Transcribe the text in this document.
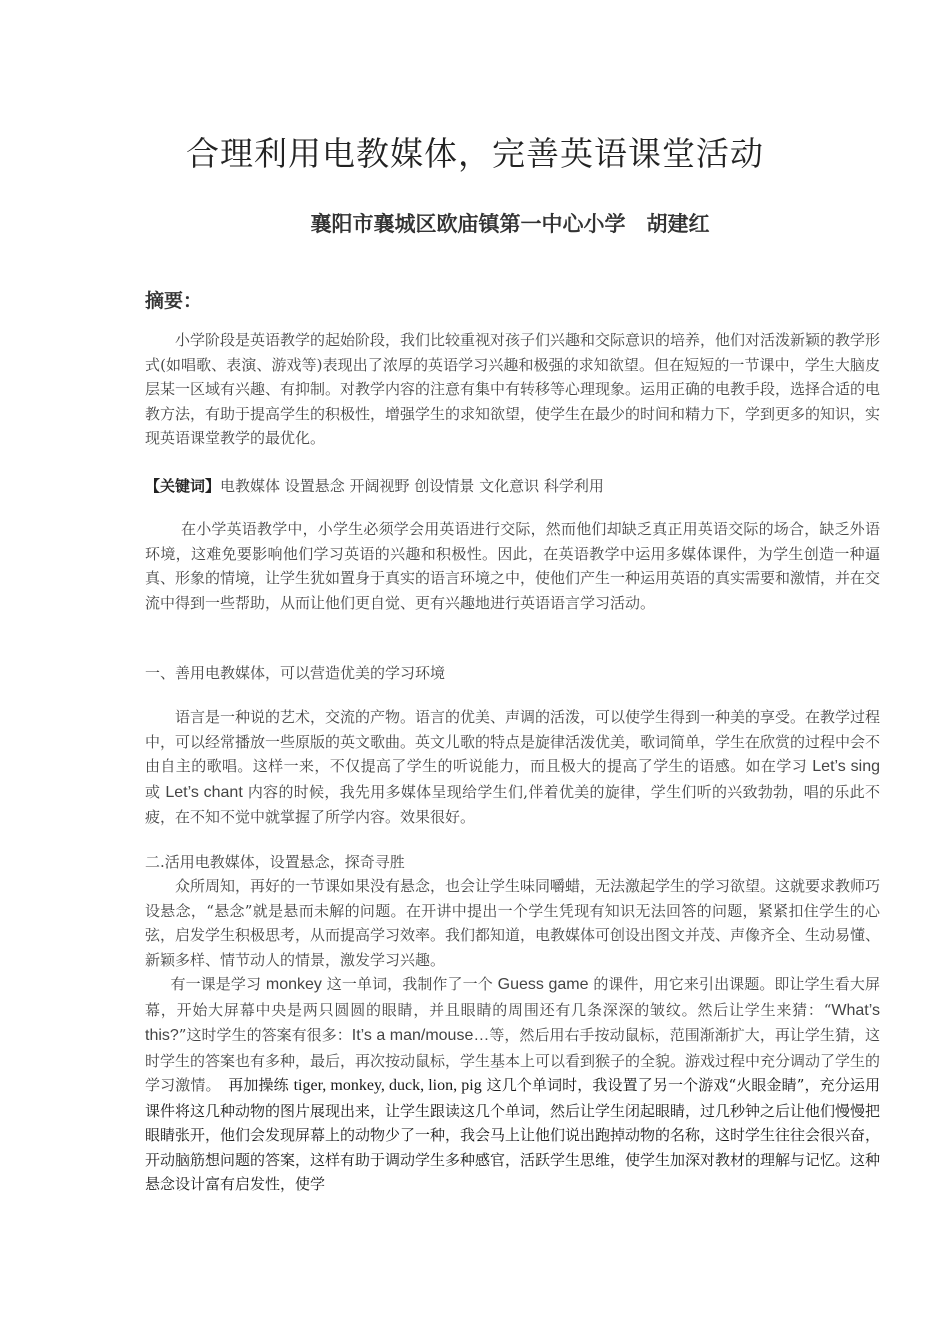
合理利用电教媒体，完善英语课堂活动
襄阳市襄城区欧庙镇第一中心小学　胡建红
摘要：

小学阶段是英语教学的起始阶段，我们比较重视对孩子们兴趣和交际意识的培养，他们对活泼新颖的教学形式(如唱歌、表演、游戏等)表现出了浓厚的英语学习兴趣和极强的求知欲望。但在短短的一节课中，学生大脑皮层某一区域有兴趣、有抑制。对教学内容的注意有集中有转移等心理现象。运用正确的电教手段，选择合适的电教方法，有助于提高学生的积极性，增强学生的求知欲望，使学生在最少的时间和精力下，学到更多的知识，实现英语课堂教学的最优化。

【关键词】电教媒体 设置悬念 开阔视野 创设情景 文化意识 科学利用

在小学英语教学中，小学生必须学会用英语进行交际，然而他们却缺乏真正用英语交际的场合，缺乏外语环境，这难免要影响他们学习英语的兴趣和积极性。因此，在英语教学中运用多媒体课件，为学生创造一种逼真、形象的情境，让学生犹如置身于真实的语言环境之中，使他们产生一种运用英语的真实需要和激情，并在交流中得到一些帮助，从而让他们更自觉、更有兴趣地进行英语语言学习活动。

一、善用电教媒体，可以营造优美的学习环境

语言是一种说的艺术，交流的产物。语言的优美、声调的活泼，可以使学生得到一种美的享受。在教学过程中，可以经常播放一些原版的英文歌曲。英文儿歌的特点是旋律活泼优美，歌词简单，学生在欣赏的过程中会不由自主的歌唱。这样一来，不仅提高了学生的听说能力，而且极大的提高了学生的语感。如在学习 Let’s sing 或 Let’s chant 内容的时候，我先用多媒体呈现给学生们,伴着优美的旋律，学生们听的兴致勃勃，唱的乐此不疲，在不知不觉中就掌握了所学内容。效果很好。

二.活用电教媒体，设置悬念，探奇寻胜

众所周知，再好的一节课如果没有悬念，也会让学生味同嚼蜡，无法激起学生的学习欲望。这就要求教师巧设悬念，“悬念”就是悬而未解的问题。在开讲中提出一个学生凭现有知识无法回答的问题，紧紧扣住学生的心弦，启发学生积极思考，从而提高学习效率。我们都知道，电教媒体可创设出图文并茂、声像齐全、生动易懂、新颖多样、情节动人的情景，激发学习兴趣。

有一课是学习 monkey 这一单词，我制作了一个 Guess game 的课件，用它来引出课题。即让学生看大屏幕，开始大屏幕中央是两只圆圆的眼睛，并且眼睛的周围还有几条深深的皱纹。然后让学生来猜：“What’s this?”这时学生的答案有很多：It’s a man/mouse…等，然后用右手按动鼠标，范围渐渐扩大，再让学生猜，这时学生的答案也有多种，最后，再次按动鼠标，学生基本上可以看到猴子的全貌。游戏过程中充分调动了学生的学习激情。　再加操练 tiger, monkey, duck, lion, pig 这几个单词时，我设置了另一个游戏“火眼金睛”，充分运用课件将这几种动物的图片展现出来，让学生跟读这几个单词，然后让学生闭起眼睛，过几秒钟之后让他们慢慢把眼睛张开，他们会发现屏幕上的动物少了一种，我会马上让他们说出跑掉动物的名称，这时学生往往会很兴奋，开动脑筋想问题的答案，这样有助于调动学生多种感官，活跃学生思维，使学生加深对教材的理解与记忆。这种悬念设计富有启发性，使学
